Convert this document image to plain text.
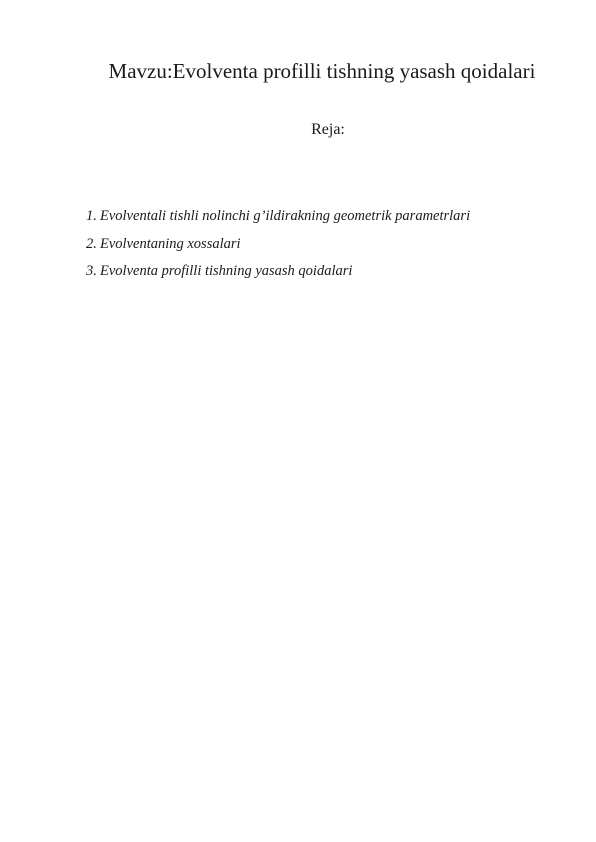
Mavzu:Evolventa profilli tishning yasash qoidalari
Reja:
1. Evolventali tishli nolinchi g’ildirakning geometrik parametrlari
2. Evolventaning xossalari
3. Evolventa profilli tishning yasash qoidalari
